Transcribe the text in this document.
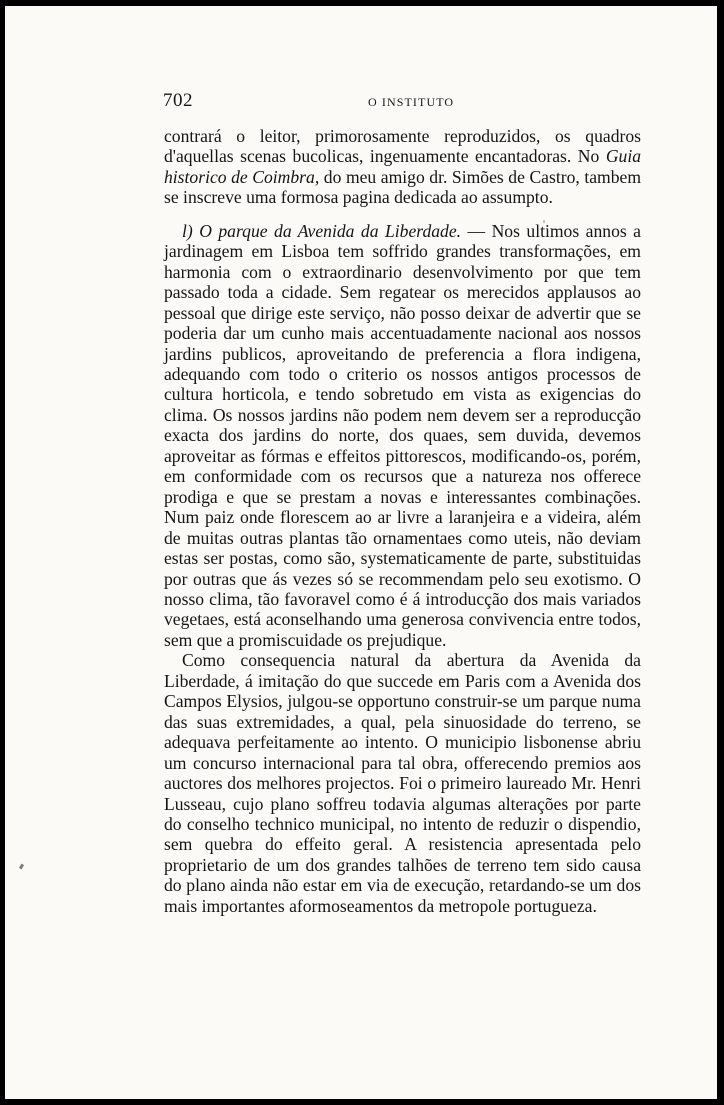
702	O INSTITUTO

contrará o leitor, primorosamente reproduzidos, os quadros d'aquellas scenas bucolicas, ingenuamente encantadoras. No Guia historico de Coimbra, do meu amigo dr. Simões de Castro, tambem se inscreve uma formosa pagina dedicada ao assumpto.

l) O parque da Avenida da Liberdade. — Nos ultimos annos a jardinagem em Lisboa tem soffrido grandes transformações, em harmonia com o extraordinario desenvolvimento por que tem passado toda a cidade. Sem regatear os merecidos applausos ao pessoal que dirige este serviço, não posso deixar de advertir que se poderia dar um cunho mais accentuadamente nacional aos nossos jardins publicos, aproveitando de preferencia a flora indigena, adequando com todo o criterio os nossos antigos processos de cultura horticola, e tendo sobretudo em vista as exigencias do clima. Os nossos jardins não podem nem devem ser a reproducção exacta dos jardins do norte, dos quaes, sem duvida, devemos aproveitar as fórmas e effeitos pittorescos, modificando-os, porém, em conformidade com os recursos que a natureza nos offerece prodiga e que se prestam a novas e interessantes combinações. Num paiz onde florescem ao ar livre a laranjeira e a videira, além de muitas outras plantas tão ornamentaes como uteis, não deviam estas ser postas, como são, systematicamente de parte, substituidas por outras que ás vezes só se recommendam pelo seu exotismo. O nosso clima, tão favoravel como é á introducção dos mais variados vegetaes, está aconselhando uma generosa convivencia entre todos, sem que a promiscuidade os prejudique.

Como consequencia natural da abertura da Avenida da Liberdade, á imitação do que succede em Paris com a Avenida dos Campos Elysios, julgou-se opportuno construir-se um parque numa das suas extremidades, a qual, pela sinuosidade do terreno, se adequava perfeitamente ao intento. O municipio lisbonense abriu um concurso internacional para tal obra, offerecendo premios aos auctores dos melhores projectos. Foi o primeiro laureado Mr. Henri Lusseau, cujo plano soffreu todavia algumas alterações por parte do conselho technico municipal, no intento de reduzir o dispendio, sem quebra do effeito geral. A resistencia apresentada pelo proprietario de um dos grandes talhões de terreno tem sido causa do plano ainda não estar em via de execução, retardando-se um dos mais importantes aformoseamentos da metropole portugueza.
